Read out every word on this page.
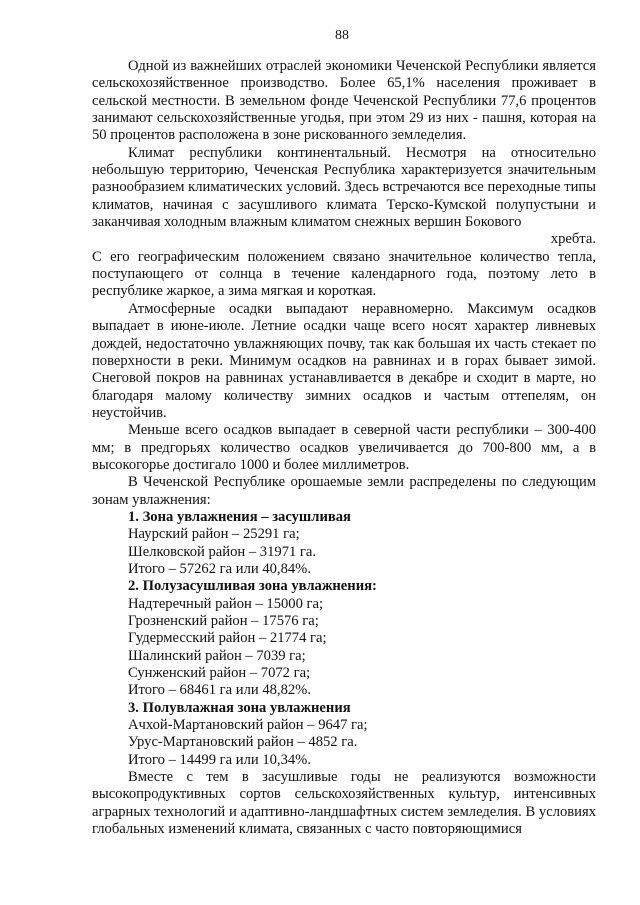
88

Одной из важнейших отраслей экономики Чеченской Республики является сельскохозяйственное производство. Более 65,1% населения проживает в сельской местности. В земельном фонде Чеченской Республики 77,6 процентов занимают сельскохозяйственные угодья, при этом 29 из них - пашня, которая на 50 процентов расположена в зоне рискованного земледелия.

Климат республики континентальный. Несмотря на относительно небольшую территорию, Чеченская Республика характеризуется значительным разнообразием климатических условий. Здесь встречаются все переходные типы климатов, начиная с засушливого климата Терско-Кумской полупустыни и заканчивая холодным влажным климатом снежных вершин Бокового

хребта.

С его географическим положением связано значительное количество тепла, поступающего от солнца в течение календарного года, поэтому лето в республике жаркое, а зима мягкая и короткая.

Атмосферные осадки выпадают неравномерно. Максимум осадков выпадает в июне-июле. Летние осадки чаще всего носят характер ливневых дождей, недостаточно увлажняющих почву, так как большая их часть стекает по поверхности в реки. Минимум осадков на равнинах и в горах бывает зимой. Снеговой покров на равнинах устанавливается в декабре и сходит в марте, но благодаря малому количеству зимних осадков и частым оттепелям, он неустойчив.

Меньше всего осадков выпадает в северной части республики – 300-400 мм; в предгорьях количество осадков увеличивается до 700-800 мм, а в высокогорье достигало 1000 и более миллиметров.

В Чеченской Республике орошаемые земли распределены по следующим зонам увлажнения:

1. Зона увлажнения – засушливая

Наурский район – 25291 га;

Шелковской район – 31971 га.

Итого – 57262 га или 40,84%.

2. Полузасушливая зона увлажнения:

Надтеречный район – 15000 га;

Грозненский район – 17576 га;

Гудермесский район – 21774 га;

Шалинский район – 7039 га;

Сунженский район – 7072 га;

Итого – 68461 га или 48,82%.

3. Полувлажная зона увлажнения

Ачхой-Мартановский район – 9647 га;

Урус-Мартановский район – 4852 га.

Итого – 14499 га или 10,34%.

Вместе с тем в засушливые годы не реализуются возможности высокопродуктивных сортов сельскохозяйственных культур, интенсивных аграрных технологий и адаптивно-ландшафтных систем земледелия. В условиях глобальных изменений климата, связанных с часто повторяющимися
